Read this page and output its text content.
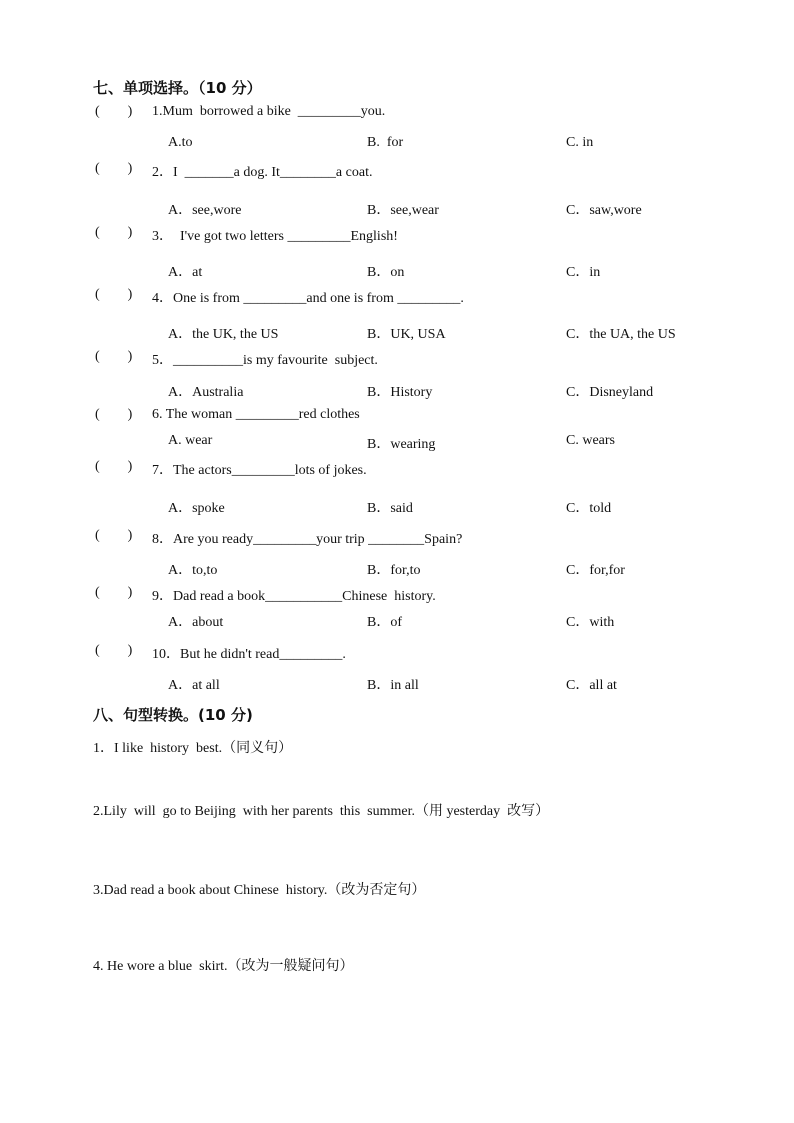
七、单项选择。（10 分）
(        ) 1.Mum  borrowed a bike  _________you.
A.to	B.  for	C. in
(        ) 2．I  _______a dog. It________a coat.
A．see,wore	B．see,wear	C．saw,wore
(        ) 3．  I've got two letters _________English!
A．at	B．on	C．in
(        ) 4．One is from _________and one is from _________.
A．the UK, the US	B．UK, USA	C．the UA, the US
(        ) 5．__________is my favourite  subject.
A．Australia	B．History	C．Disneyland
(        ) 6. The woman _________red clothes
A. wear	B．wearing	C. wears
(        ) 7．The actors_________lots of jokes.
A．spoke	B．said	C．told
(        ) 8．Are you ready_________your trip ________Spain?
A．to,to	B．for,to	C．for,for
(        ) 9．Dad read a book___________Chinese  history.
A．about	B．of	C．with
(        ) 10．But he didn't read_________.
A．at all	B．in all	C．all at
八、句型转换。(10 分)
1．I like  history  best.（同义句）
2.Lily  will  go to Beijing  with her parents  this  summer.（用 yesterday  改写）
3.Dad read a book about Chinese  history.（改为否定句）
4. He wore a blue  skirt.（改为一般疑问句）
